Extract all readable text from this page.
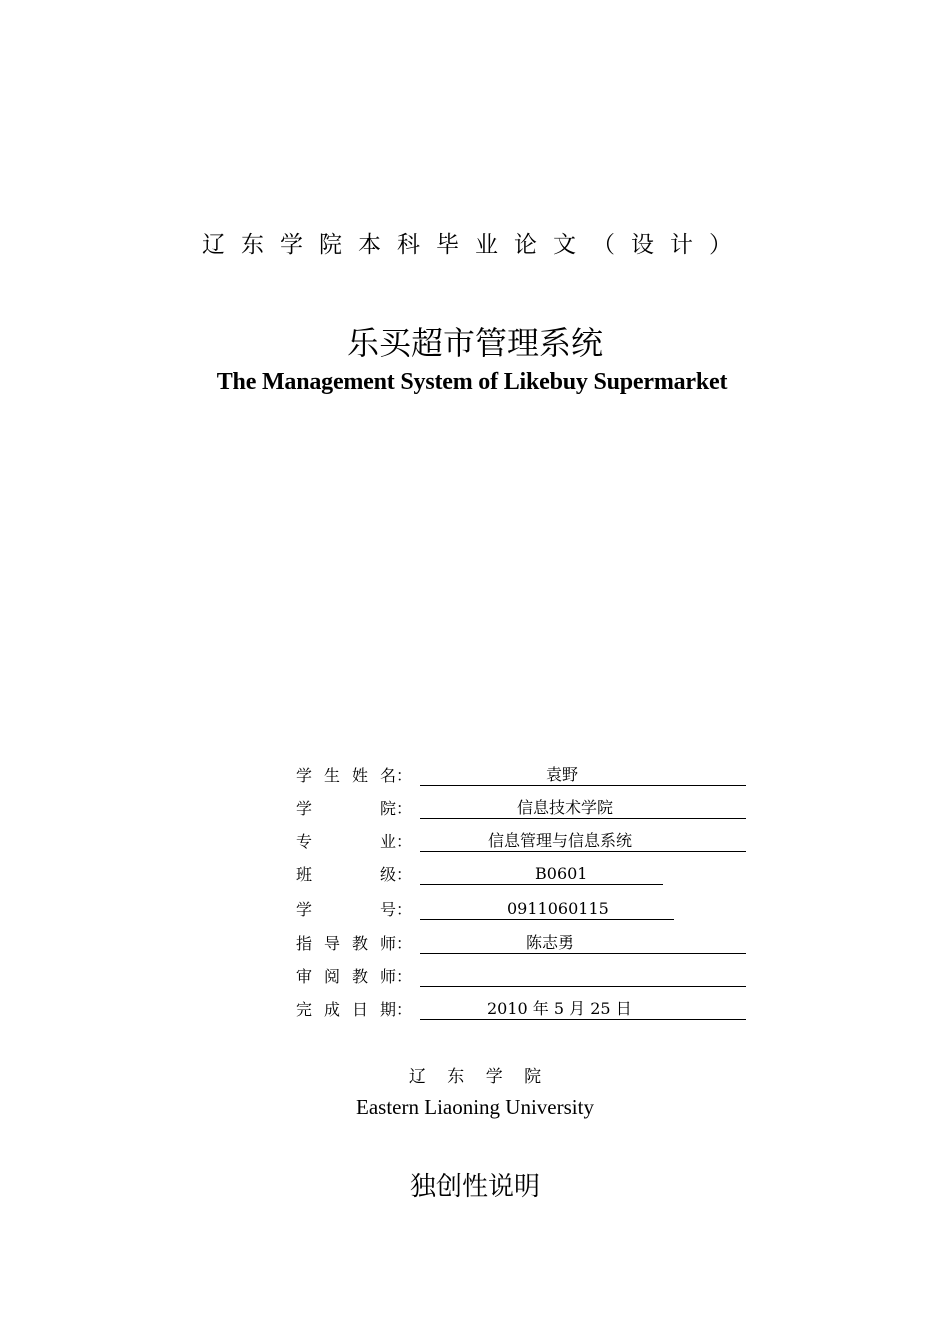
辽东学院本科毕业论文（设计）
乐买超市管理系统
The Management System of Likebuy Supermarket
学 生 姓 名：	袁野
学	院：	信息技术学院
专	业：	信息管理与信息系统
班	级：	B0601
学	号：	0911060115
指 导 教 师：	陈志勇
审 阅 教 师：
完 成 日 期：	2010 年 5 月 25 日
辽 东 学 院
Eastern Liaoning University
独创性说明
